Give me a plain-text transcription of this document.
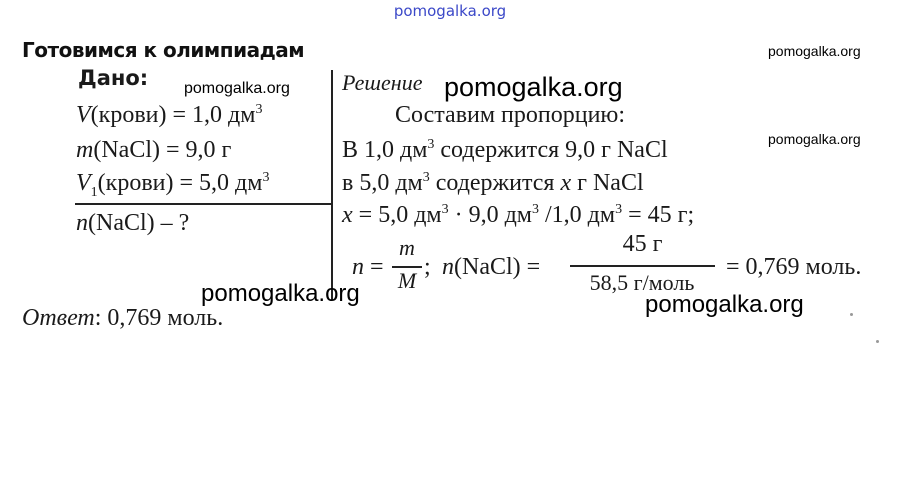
pomogalka.org
Готовимся к олимпиадам	pomogalka.org
Дано: pomogalka.org
V(крови) = 1,0 $дм^3$
m(NaCl) = 9,0 г
$V_1(крови) = 5,0$ $дм^3$
n(NaCl) – ?
Решение pomogalka.org
Составим пропорцию:
pomogalka.org
В 1,0 $дм^3$ содержится 9,0 г NaCl
в 5,0 $дм^3$ содержится x г NaCl
x = 5,0 $дм^3 \cdot 9,0$ $дм^3$ /1,0 $дм^3 = 45$ г;
n =
m
M
; n(NaCl) =
45 г
58,5 г/моль
= 0,769 моль.
pomogalka.org	pomogalka.org
Ответ: 0,769 моль.
